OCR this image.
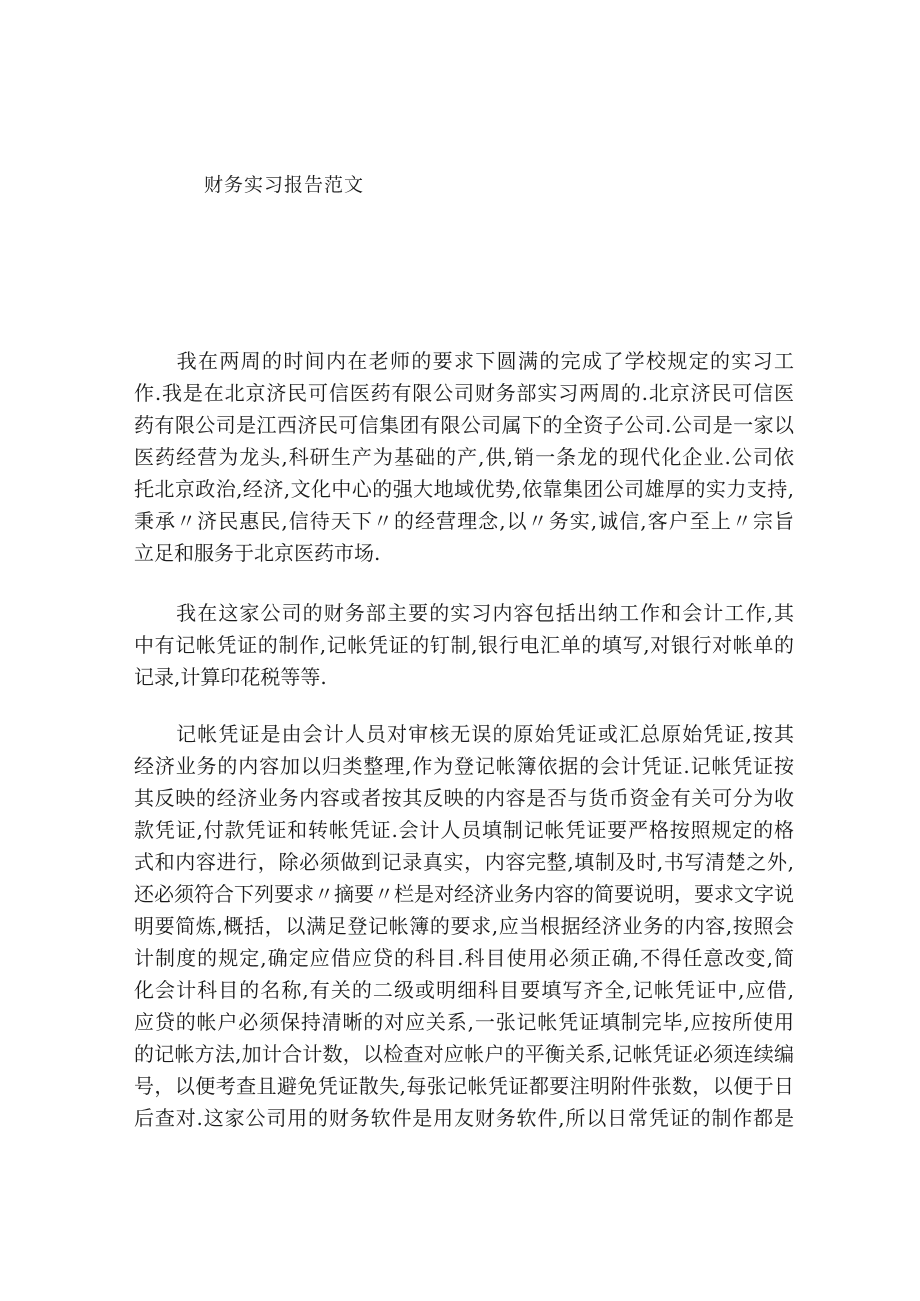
财务实习报告范文
　　我在两周的时间内在老师的要求下圆满的完成了学校规定的实习工
作.我是在北京济民可信医药有限公司财务部实习两周的.北京济民可信医
药有限公司是江西济民可信集团有限公司属下的全资子公司.公司是一家以
医药经营为龙头,科研生产为基础的产,供,销一条龙的现代化企业.公司依
托北京政治,经济,文化中心的强大地域优势,依靠集团公司雄厚的实力支持,
秉承〃济民惠民,信待天下〃的经营理念,以〃务实,诚信,客户至上〃宗旨
立足和服务于北京医药市场.
　　我在这家公司的财务部主要的实习内容包括出纳工作和会计工作,其
中有记帐凭证的制作,记帐凭证的钉制,银行电汇单的填写,对银行对帐单的
记录,计算印花税等等.
　　记帐凭证是由会计人员对审核无误的原始凭证或汇总原始凭证,按其
经济业务的内容加以归类整理,作为登记帐簿依据的会计凭证.记帐凭证按
其反映的经济业务内容或者按其反映的内容是否与货币资金有关可分为收
款凭证,付款凭证和转帐凭证.会计人员填制记帐凭证要严格按照规定的格
式和内容进行，除必须做到记录真实，内容完整,填制及时,书写清楚之外,
还必须符合下列要求〃摘要〃栏是对经济业务内容的简要说明，要求文字说
明要简炼,概括，以满足登记帐簿的要求,应当根据经济业务的内容,按照会
计制度的规定,确定应借应贷的科目.科目使用必须正确,不得任意改变,简
化会计科目的名称,有关的二级或明细科目要填写齐全,记帐凭证中,应借,
应贷的帐户必须保持清晰的对应关系,一张记帐凭证填制完毕,应按所使用
的记帐方法,加计合计数，以检查对应帐户的平衡关系,记帐凭证必须连续编
号，以便考查且避免凭证散失,每张记帐凭证都要注明附件张数，以便于日
后查对.这家公司用的财务软件是用友财务软件,所以日常凭证的制作都是
